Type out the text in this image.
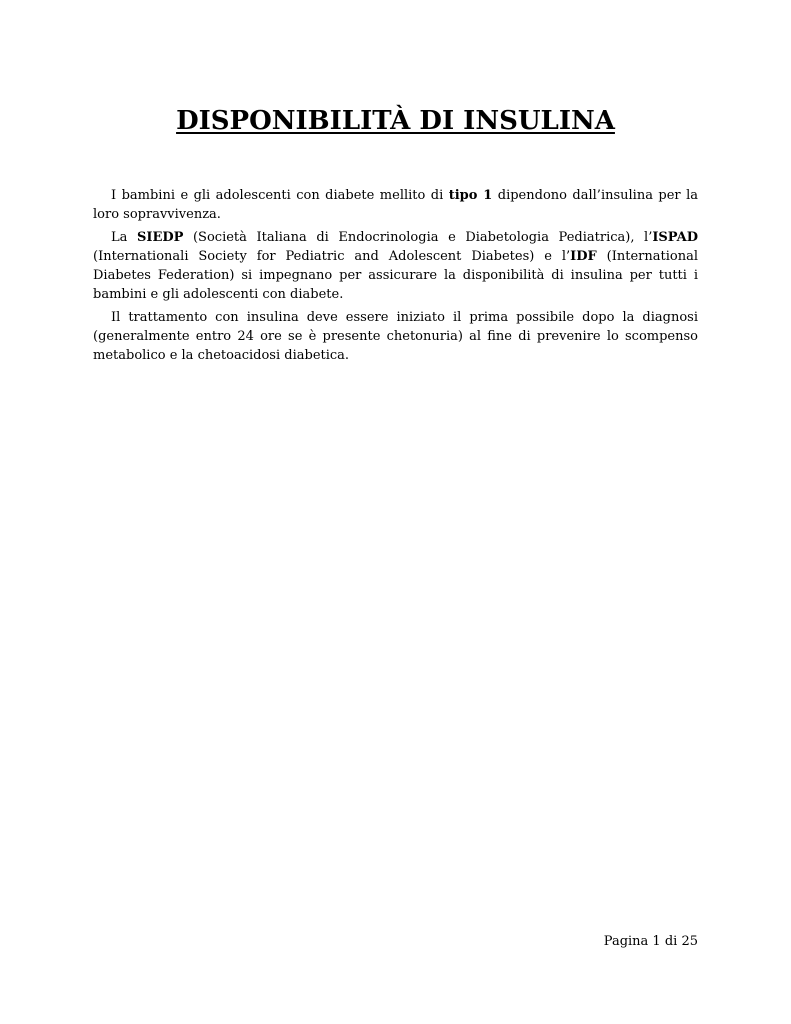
DISPONIBILITÀ DI INSULINA

I bambini e gli adolescenti con diabete mellito di tipo 1 dipendono dall’insulina per la loro sopravvivenza.

La SIEDP (Società Italiana di Endocrinologia e Diabetologia Pediatrica), l’ISPAD (Internationali Society for Pediatric and Adolescent Diabetes) e l’IDF (International Diabetes Federation) si impegnano per assicurare la disponibilità di insulina per tutti i bambini e gli adolescenti con diabete.

Il trattamento con insulina deve essere iniziato il prima possibile dopo la diagnosi (generalmente entro 24 ore se è presente chetonuria) al fine di prevenire lo scompenso metabolico e la chetoacidosi diabetica.

Pagina 1 di 25
